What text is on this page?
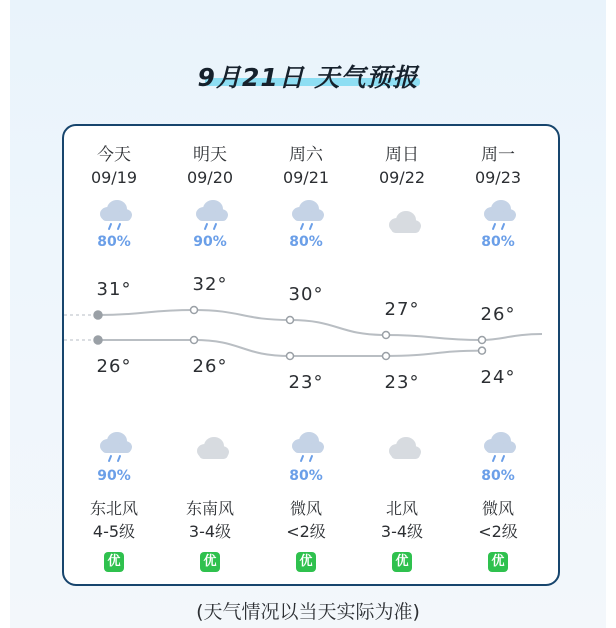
9月21日 天气预报
今天
09/19
80%
31°
26°
90%
东北风
4-5级
优
明天
09/20
90%
32°
26°
东南风
3-4级
优
周六
09/21
80%
30°
23°
80%
微风
<2级
优
周日
09/22
27°
23°
北风
3-4级
优
周一
09/23
80%
26°
24°
80%
微风
<2级
优
(天气情况以当天实际为准)
